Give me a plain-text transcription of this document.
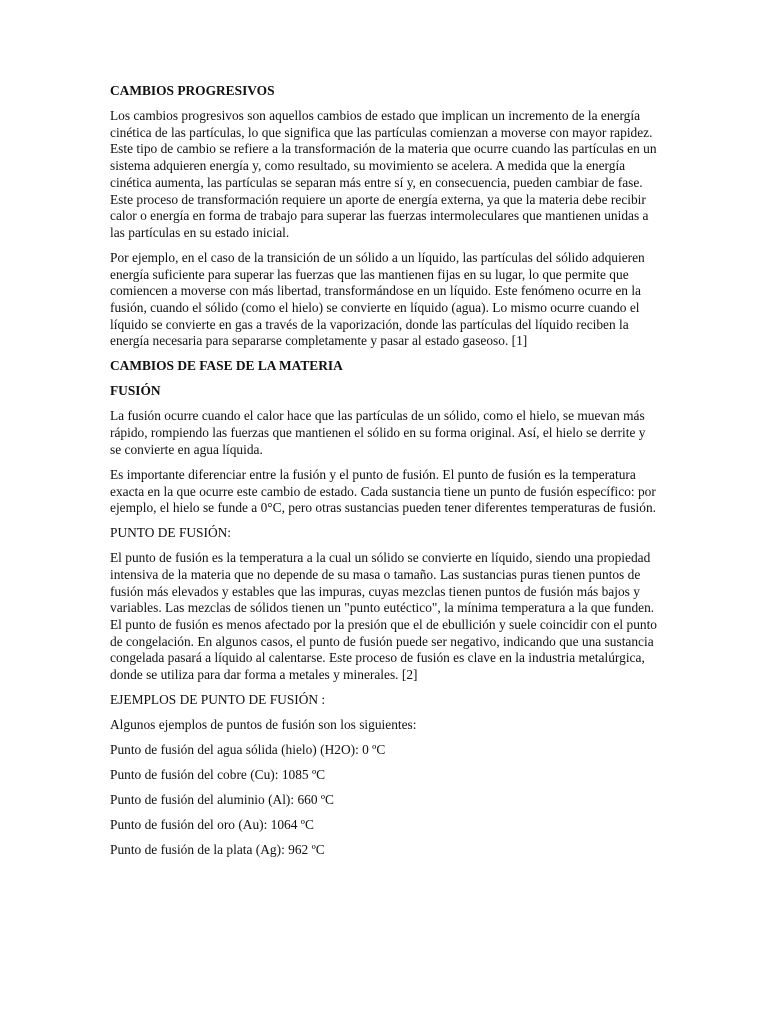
CAMBIOS PROGRESIVOS

Los cambios progresivos son aquellos cambios de estado que implican un incremento de la energía cinética de las partículas, lo que significa que las partículas comienzan a moverse con mayor rapidez. Este tipo de cambio se refiere a la transformación de la materia que ocurre cuando las partículas en un sistema adquieren energía y, como resultado, su movimiento se acelera. A medida que la energía cinética aumenta, las partículas se separan más entre sí y, en consecuencia, pueden cambiar de fase. Este proceso de transformación requiere un aporte de energía externa, ya que la materia debe recibir calor o energía en forma de trabajo para superar las fuerzas intermoleculares que mantienen unidas a las partículas en su estado inicial.

Por ejemplo, en el caso de la transición de un sólido a un líquido, las partículas del sólido adquieren energía suficiente para superar las fuerzas que las mantienen fijas en su lugar, lo que permite que comiencen a moverse con más libertad, transformándose en un líquido. Este fenómeno ocurre en la fusión, cuando el sólido (como el hielo) se convierte en líquido (agua). Lo mismo ocurre cuando el líquido se convierte en gas a través de la vaporización, donde las partículas del líquido reciben la energía necesaria para separarse completamente y pasar al estado gaseoso. [1]

CAMBIOS DE FASE DE LA MATERIA
FUSIÓN

La fusión ocurre cuando el calor hace que las partículas de un sólido, como el hielo, se muevan más rápido, rompiendo las fuerzas que mantienen el sólido en su forma original. Así, el hielo se derrite y se convierte en agua líquida.

Es importante diferenciar entre la fusión y el punto de fusión. El punto de fusión es la temperatura exacta en la que ocurre este cambio de estado. Cada sustancia tiene un punto de fusión específico: por ejemplo, el hielo se funde a 0°C, pero otras sustancias pueden tener diferentes temperaturas de fusión.

PUNTO DE FUSIÓN:

El punto de fusión es la temperatura a la cual un sólido se convierte en líquido, siendo una propiedad intensiva de la materia que no depende de su masa o tamaño. Las sustancias puras tienen puntos de fusión más elevados y estables que las impuras, cuyas mezclas tienen puntos de fusión más bajos y variables. Las mezclas de sólidos tienen un "punto eutéctico", la mínima temperatura a la que funden. El punto de fusión es menos afectado por la presión que el de ebullición y suele coincidir con el punto de congelación. En algunos casos, el punto de fusión puede ser negativo, indicando que una sustancia congelada pasará a líquido al calentarse. Este proceso de fusión es clave en la industria metalúrgica, donde se utiliza para dar forma a metales y minerales. [2]

EJEMPLOS DE PUNTO DE FUSIÓN :

Algunos ejemplos de puntos de fusión son los siguientes:

Punto de fusión del agua sólida (hielo) (H2O): 0 ºC

Punto de fusión del cobre (Cu): 1085 ºC

Punto de fusión del aluminio (Al): 660 ºC

Punto de fusión del oro (Au): 1064 ºC

Punto de fusión de la plata (Ag): 962 ºC
